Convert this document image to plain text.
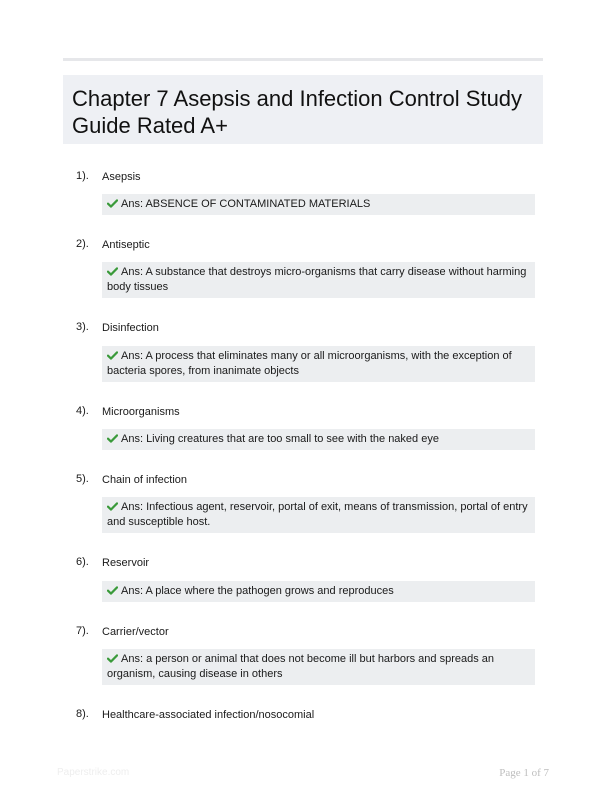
Chapter 7 Asepsis and Infection Control Study Guide Rated A+
1). Asepsis
Ans: ABSENCE OF CONTAMINATED MATERIALS
2). Antiseptic
Ans: A substance that destroys micro-organisms that carry disease without harming body tissues
3). Disinfection
Ans: A process that eliminates many or all microorganisms, with the exception of bacteria spores, from inanimate objects
4). Microorganisms
Ans: Living creatures that are too small to see with the naked eye
5). Chain of infection
Ans: Infectious agent, reservoir, portal of exit, means of transmission, portal of entry and susceptible host.
6). Reservoir
Ans: A place where the pathogen grows and reproduces
7). Carrier/vector
Ans: a person or animal that does not become ill but harbors and spreads an organism, causing disease in others
8). Healthcare-associated infection/nosocomial
Paperstrike.com	Page 1 of 7
